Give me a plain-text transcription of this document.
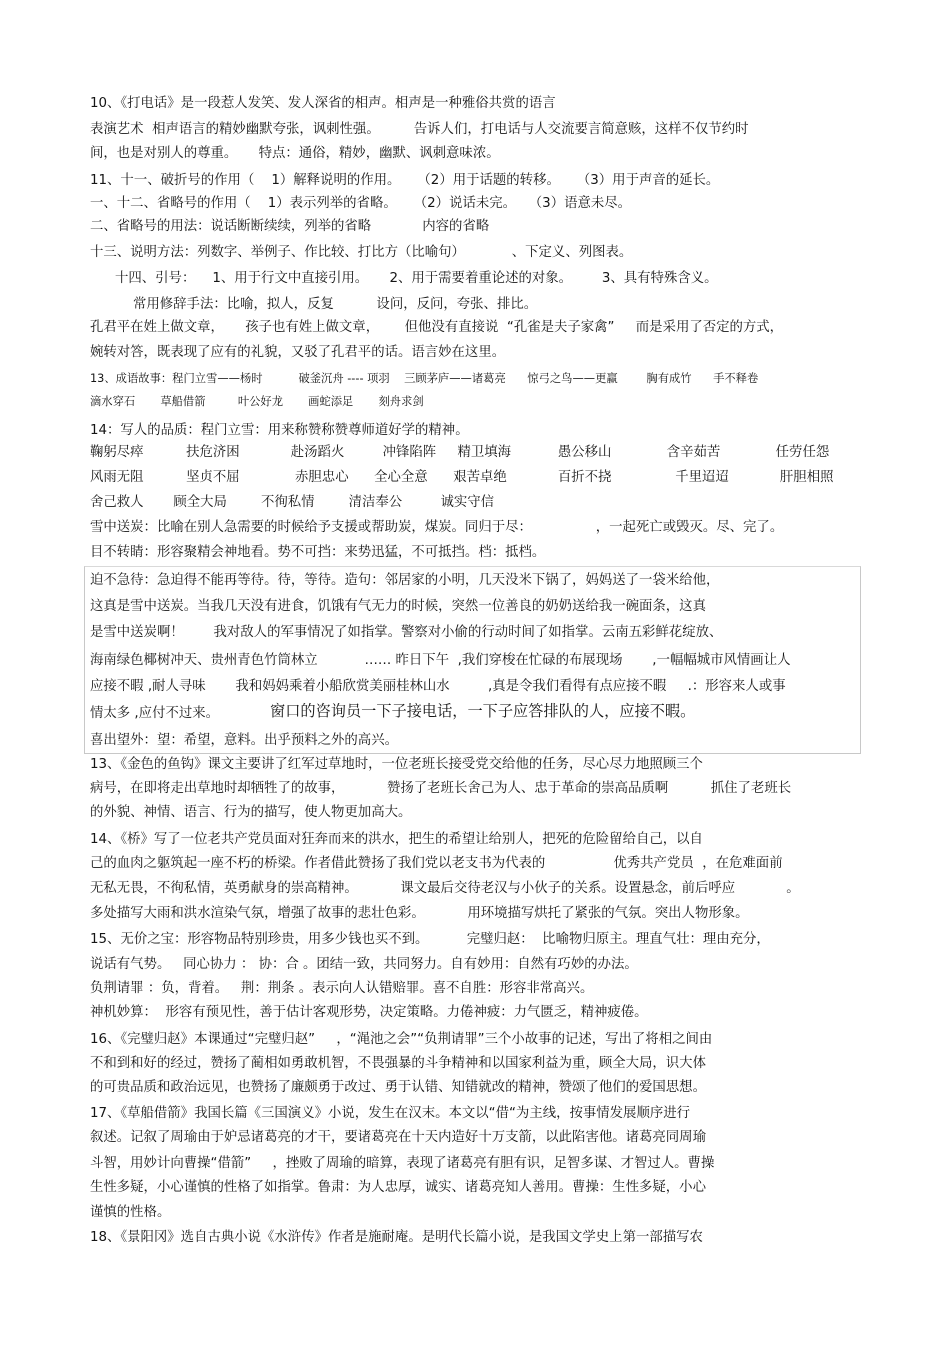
10、《打电话》是一段惹人发笑、发人深省的相声。相声是一种雅俗共赏的语言
表演艺术  相声语言的精妙幽默夸张，讽刺性强。        告诉人们，打电话与人交流要言简意赅，这样不仅节约时
间，也是对别人的尊重。     特点：通俗，精妙，幽默、讽刺意味浓。
11、十一、破折号的作用（    1）解释说明的作用。    （2）用于话题的转移。    （3）用于声音的延长。
一、十二、省略号的作用（    1）表示列举的省略。    （2）说话未完。   （3）语意未尽。
二、省略号的用法：说话断断续续，列举的省略            内容的省略
十三、说明方法：列数字、举例子、作比较、打比方（比喻句）           、下定义、列图表。
十四、引号：    1、用于行文中直接引用。     2、用于需要着重论述的对象。       3、具有特殊含义。
常用修辞手法：比喻，拟人，反复          设问，反问，夸张、排比。
孔君平在姓上做文章，     孩子也有姓上做文章，      但他没有直接说  “孔雀是夫子家禽”     而是采用了否定的方式，
婉转对答，既表现了应有的礼貌，又驳了孔君平的话。语言妙在这里。
13、成语故事：程门立雪——杨时          破釜沉舟 ---- 项羽    三顾茅庐——诸葛亮      惊弓之鸟——更赢        胸有成竹      手不释卷
滴水穿石       草船借箭         叶公好龙       画蛇添足       刻舟求剑
14：写人的品质：程门立雪：用来称赞称赞尊师道好学的精神。
鞠躬尽瘁          扶危济困            赴汤蹈火         冲锋陷阵     精卫填海           愚公移山             含辛茹苦             任劳任怨
风雨无阻          坚贞不屈             赤胆忠心      全心全意      艰苦卓绝            百折不挠               千里迢迢            肝胆相照
舍己救人       顾全大局        不徇私情        清洁奉公         诚实守信
雪中送炭：比喻在别人急需要的时候给予支援或帮助炭，煤炭。同归于尽：               ，一起死亡或毁灭。尽、完了。
目不转睛：形容聚精会神地看。势不可挡：来势迅猛，不可抵挡。档：抵档。
迫不急待：急迫得不能再等待。待，等待。造句：邻居家的小明，几天没米下锅了，妈妈送了一袋米给他，
这真是雪中送炭。当我几天没有进食，饥饿有气无力的时候，突然一位善良的奶奶送给我一碗面条，这真
是雪中送炭啊！       我对敌人的军事情况了如指掌。警察对小偷的行动时间了如指掌。云南五彩鲜花绽放、
海南绿色椰树冲天、贵州青色竹筒林立           …… 昨日下午  ,我们穿梭在忙碌的布展现场       ,一幅幅城市风情画让人
应接不暇 ,耐人寻味       我和妈妈乘着小船欣赏美丽桂林山水         ,真是令我们看得有点应接不暇     .：形容来人或事
情太多 ,应付不过来。	窗口的咨询员一下子接电话，一下子应答排队的人，应接不暇。
喜出望外：望：希望，意料。出乎预料之外的高兴。
13、《金色的鱼钩》课文主要讲了红军过草地时，一位老班长接受党交给他的任务，尽心尽力地照顾三个
病号，在即将走出草地时却牺牲了的故事，          赞扬了老班长舍己为人、忠于革命的崇高品质啊          抓住了老班长
的外貌、神情、语言、行为的描写，使人物更加高大。
14、《桥》写了一位老共产党员面对狂奔而来的洪水，把生的希望让给别人，把死的危险留给自己，以自
己的血肉之躯筑起一座不朽的桥梁。作者借此赞扬了我们党以老支书为代表的                优秀共产党员  ，在危难面前
无私无畏，不徇私情，英勇献身的崇高精神。          课文最后交待老汉与小伙子的关系。设置悬念，前后呼应            。
多处描写大雨和洪水渲染气氛，增强了故事的悲壮色彩。          用环境描写烘托了紧张的气氛。突出人物形象。
15、无价之宝：形容物品特别珍贵，用多少钱也买不到。         完璧归赵：  比喻物归原主。理直气壮：理由充分，
说话有气势。   同心协力 ： 协：合 。团结一致，共同努力。自有妙用：自然有巧妙的办法。
负荆请罪 ：负，背着。   荆：荆条 。表示向人认错赔罪。喜不自胜：形容非常高兴。
神机妙算：  形容有预见性，善于估计客观形势，决定策略。力倦神疲：力气匮乏，精神疲倦。
16、《完璧归赵》本课通过“完璧归赵”     ，“渑池之会”“负荆请罪”三个小故事的记述，写出了将相之间由
不和到和好的经过，赞扬了蔺相如勇敢机智，不畏强暴的斗争精神和以国家利益为重，顾全大局，识大体
的可贵品质和政治远见，也赞扬了廉颇勇于改过、勇于认错、知错就改的精神，赞颂了他们的爱国思想。
17、《草船借箭》我国长篇《三国演义》小说，发生在汉末。本文以“借“为主线，按事情发展顺序进行
叙述。记叙了周瑜由于妒忌诸葛亮的才干，要诸葛亮在十天内造好十万支箭，以此陷害他。诸葛亮同周瑜
斗智，用妙计向曹操“借箭”     ，挫败了周瑜的暗算，表现了诸葛亮有胆有识，足智多谋、才智过人。曹操
生性多疑，小心谨慎的性格了如指掌。鲁肃：为人忠厚，诚实、诸葛亮知人善用。曹操：生性多疑，小心
谨慎的性格。
18、《景阳冈》选自古典小说《水浒传》作者是施耐庵。是明代长篇小说，是我国文学史上第一部描写农
